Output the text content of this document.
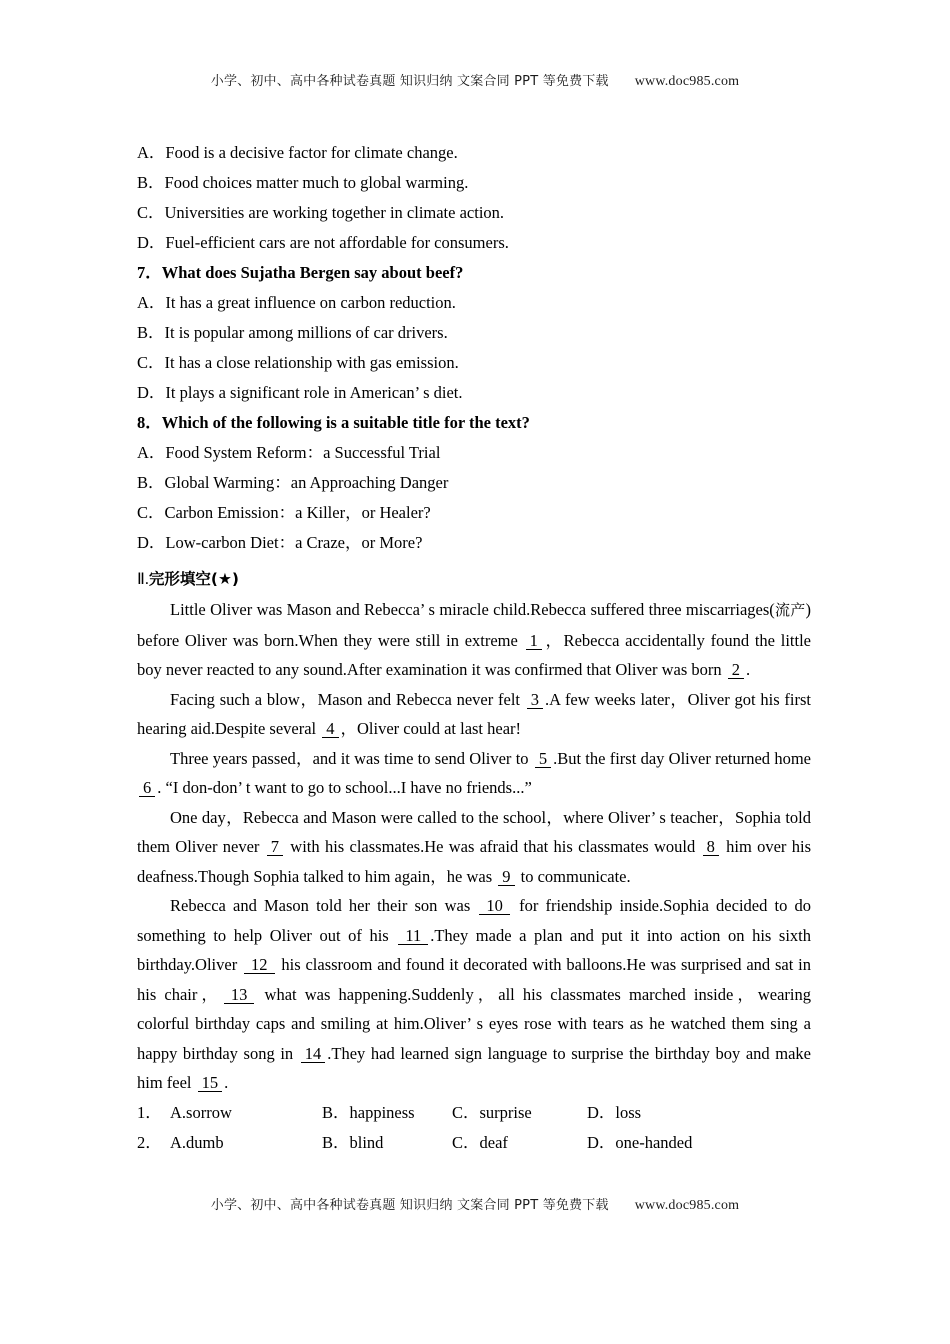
小学、初中、高中各种试卷真题 知识归纳 文案合同 PPT 等免费下载 www.doc985.com
A．Food is a decisive factor for climate change.
B．Food choices matter much to global warming.
C．Universities are working together in climate action.
D．Fuel-efficient cars are not affordable for consumers.
7．What does Sujatha Bergen say about beef?
A．It has a great influence on carbon reduction.
B．It is popular among millions of car drivers.
C．It has a close relationship with gas emission.
D．It plays a significant role in American’ s diet.
8．Which of the following is a suitable title for the text?
A．Food System Reform：a Successful Trial
B．Global Warming：an Approaching Danger
C．Carbon Emission：a Killer，or Healer?
D．Low-carbon Diet：a Craze，or More?
Ⅱ.完形填空(★)

Little Oliver was Mason and Rebecca’ s miracle child.Rebecca suffered three miscarriages(流产) before Oliver was born.When they were still in extreme 1 ，Rebecca accidentally found the little boy never reacted to any sound.After examination it was confirmed that Oliver was born 2 .

Facing such a blow，Mason and Rebecca never felt 3 .A few weeks later，Oliver got his first hearing aid.Despite several 4 ，Oliver could at last hear!

Three years passed，and it was time to send Oliver to 5 .But the first day Oliver returned home 6 . “I don-don’ t want to go to school...I have no friends...”

One day，Rebecca and Mason were called to the school，where Oliver’ s teacher，Sophia told them Oliver never 7 with his classmates.He was afraid that his classmates would 8 him over his deafness.Though Sophia talked to him again，he was 9 to communicate.

Rebecca and Mason told her their son was 10 for friendship inside.Sophia decided to do something to help Oliver out of his 11 .They made a plan and put it into action on his sixth birthday.Oliver 12 his classroom and found it decorated with balloons.He was surprised and sat in his chair， 13 what was happening.Suddenly，all his classmates marched inside，wearing colorful birthday caps and smiling at him.Oliver’ s eyes rose with tears as he watched them sing a happy birthday song in 14 .They had learned sign language to surprise the birthday boy and make him feel 15 .

1． A.sorrow	B．happiness C．surprise	D．loss
2． A.dumb	B．blind	C．deaf	D．one-handed
小学、初中、高中各种试卷真题 知识归纳 文案合同 PPT 等免费下载 www.doc985.com
